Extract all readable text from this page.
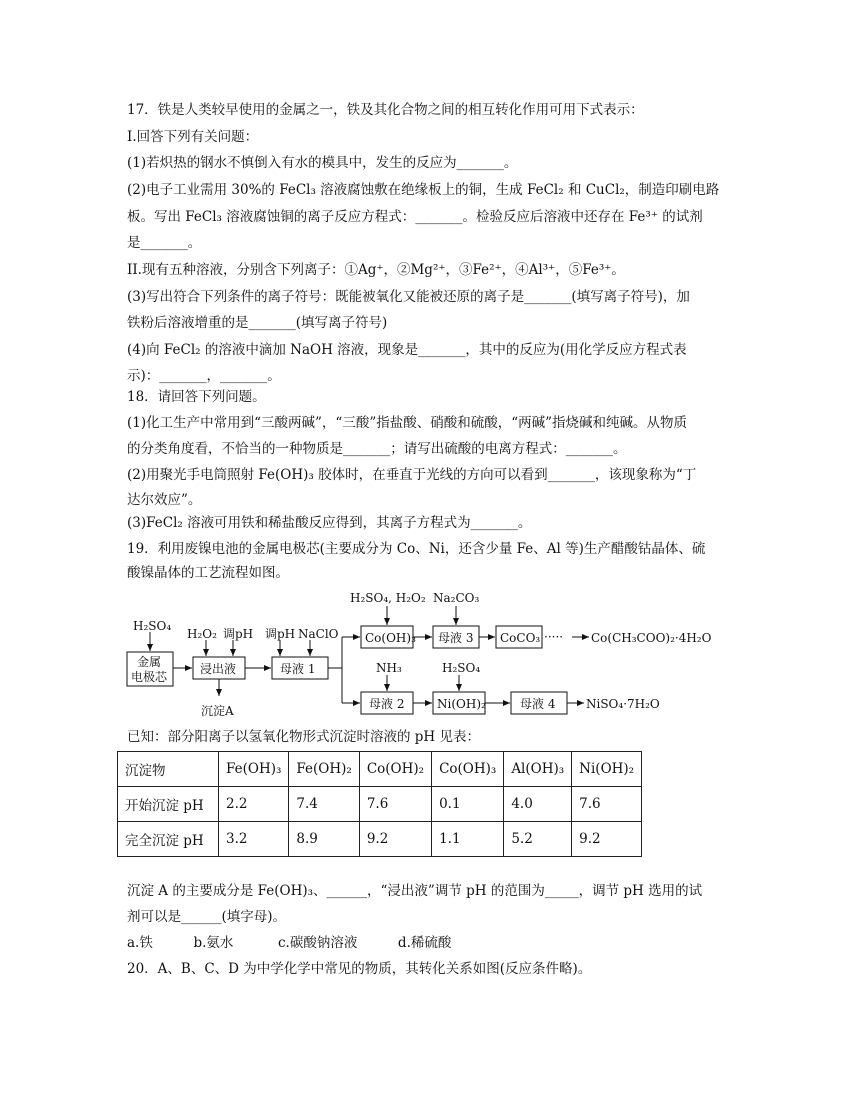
17．铁是人类较早使用的金属之一，铁及其化合物之间的相互转化作用可用下式表示：
I.回答下列有关问题：
(1)若炽热的钢水不慎倒入有水的模具中，发生的反应为_______。
(2)电子工业需用 30%的 FeCl₃ 溶液腐蚀敷在绝缘板上的铜，生成 FeCl₂ 和 CuCl₂，制造印刷电路
板。写出 FeCl₃ 溶液腐蚀铜的离子反应方程式：_______。检验反应后溶液中还存在 Fe³⁺ 的试剂
是_______。
II.现有五种溶液，分别含下列离子：①Ag⁺，②Mg²⁺，③Fe²⁺，④Al³⁺，⑤Fe³⁺。
(3)写出符合下列条件的离子符号：既能被氧化又能被还原的离子是_______(填写离子符号)，加
铁粉后溶液增重的是_______(填写离子符号)
(4)向 FeCl₂ 的溶液中滴加 NaOH 溶液，现象是_______，其中的反应为(用化学反应方程式表
示)：_______，_______。
18．请回答下列问题。
(1)化工生产中常用到“三酸两碱”，“三酸”指盐酸、硝酸和硫酸，“两碱”指烧碱和纯碱。从物质
的分类角度看，不恰当的一种物质是_______；请写出硫酸的电离方程式：_______。
(2)用聚光手电筒照射 Fe(OH)₃ 胶体时，在垂直于光线的方向可以看到_______，该现象称为“丁
达尔效应”。
(3)FeCl₂ 溶液可用铁和稀盐酸反应得到，其离子方程式为_______。
19．利用废镍电池的金属电极芯(主要成分为 Co、Ni，还含少量 Fe、Al 等)生产醋酸钴晶体、硫
酸镍晶体的工艺流程如图。
H₂SO₄
金属
电极芯
H₂O₂ 调pH
浸出液
沉淀A
调pH NaClO
母液 1
H₂SO₄, H₂O₂ Na₂CO₃
Co(OH)₃ 母液 3 CoCO₃ ····· Co(CH₃COO)₂·4H₂O
NH₃	H₂SO₄
母液 2	Ni(OH)₂	母液 4	NiSO₄·7H₂O
已知：部分阳离子以氢氧化物形式沉淀时溶液的 pH 见表：
沉淀物	Fe(OH)₃	Fe(OH)₂	Co(OH)₂	Co(OH)₃	Al(OH)₃	Ni(OH)₂
开始沉淀 pH	2.2	7.4	7.6	0.1	4.0	7.6
完全沉淀 pH	3.2	8.9	9.2	1.1	5.2	9.2
沉淀 A 的主要成分是 Fe(OH)₃、______，“浸出液”调节 pH 的范围为_____，调节 pH 选用的试
剂可以是______(填字母)。
a.铁	b.氨水	c.碳酸钠溶液	d.稀硫酸
20．A、B、C、D 为中学化学中常见的物质，其转化关系如图(反应条件略)。
